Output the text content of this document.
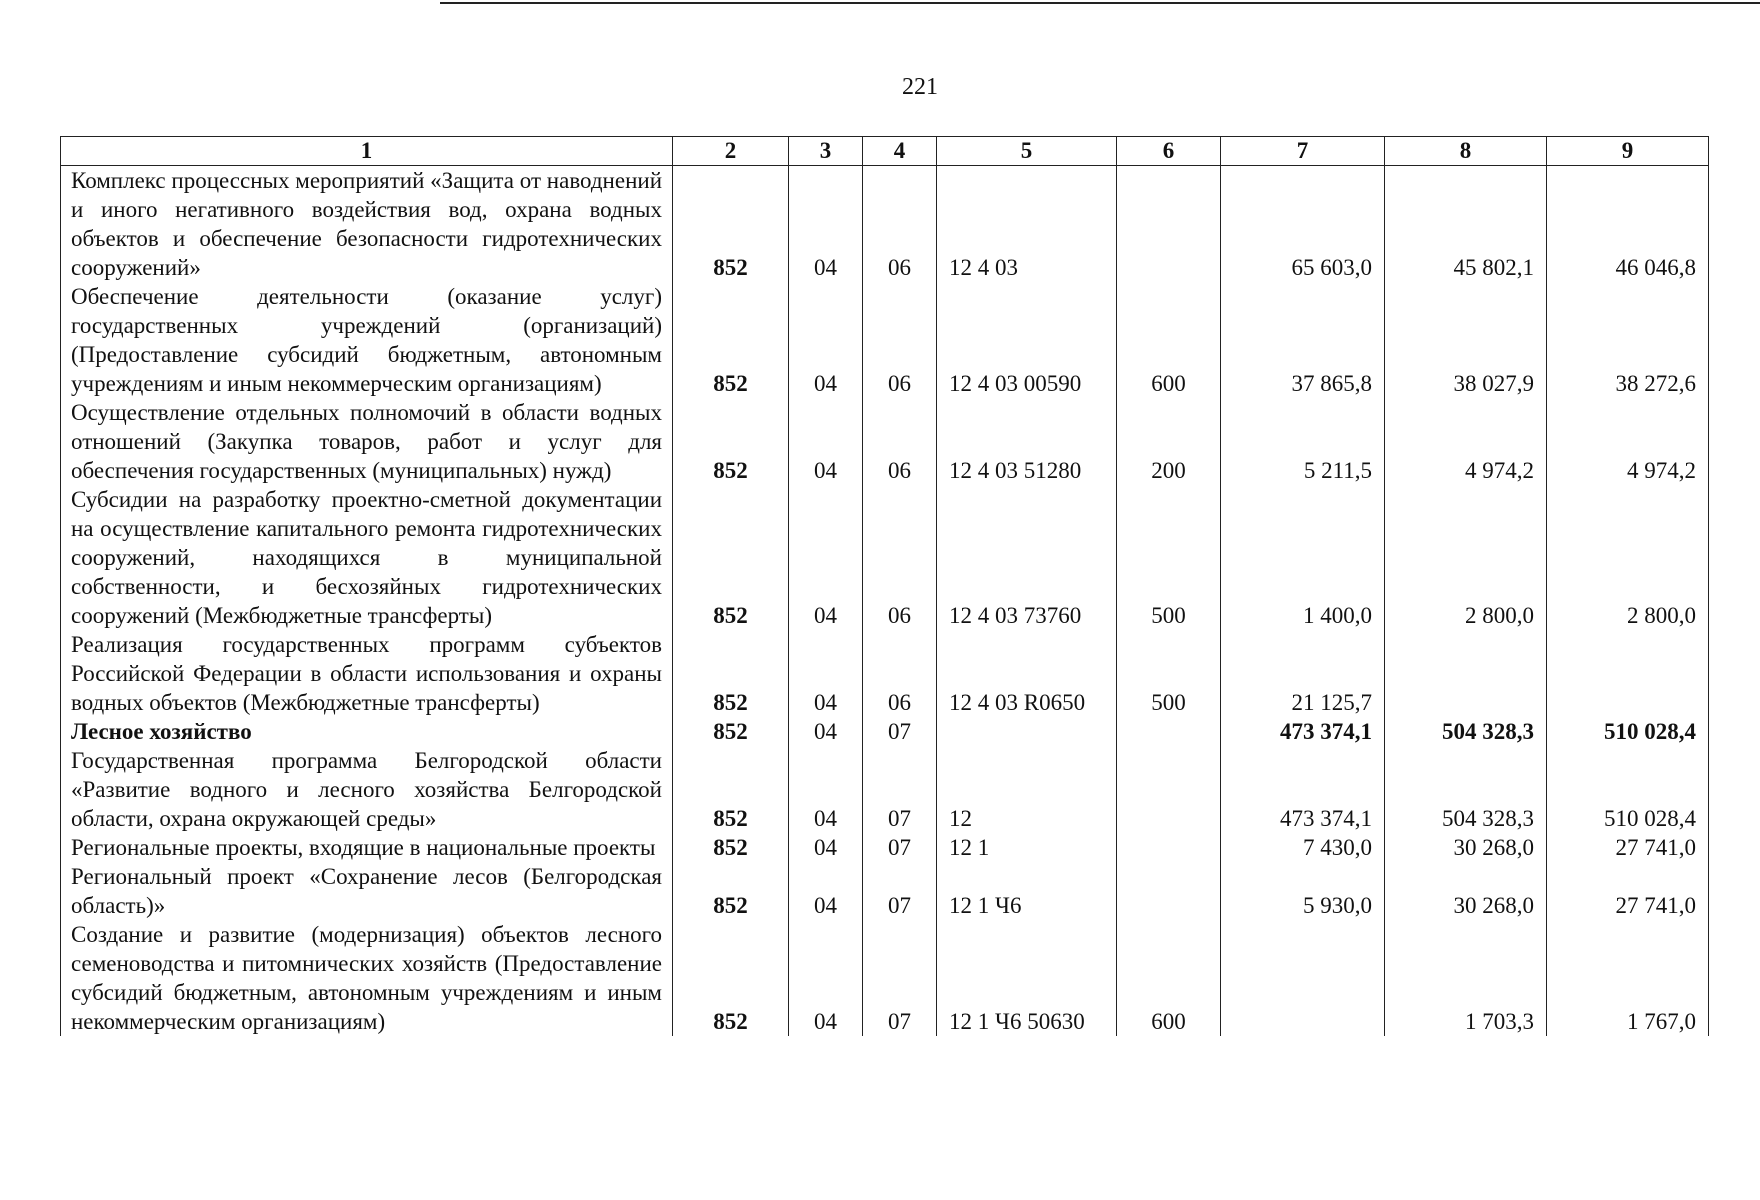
221
1	2	3	4	5	6	7	8	9
Комплекс процессных мероприятий «Защита от наводнений и иного негативного воздействия вод, охрана водных объектов и обеспечение безопасности гидротехнических сооружений»	852	04	06	12 4 03		65 603,0	45 802,1	46 046,8
Обеспечение деятельности (оказание услуг) государственных учреждений (организаций) (Предоставление субсидий бюджетным, автономным учреждениям и иным некоммерческим организациям)	852	04	06	12 4 03 00590	600	37 865,8	38 027,9	38 272,6
Осуществление отдельных полномочий в области водных отношений (Закупка товаров, работ и услуг для обеспечения государственных (муниципальных) нужд)	852	04	06	12 4 03 51280	200	5 211,5	4 974,2	4 974,2
Субсидии на разработку проектно-сметной документации на осуществление капитального ремонта гидротехнических сооружений, находящихся в муниципальной собственности, и бесхозяйных гидротехнических сооружений (Межбюджетные трансферты)	852	04	06	12 4 03 73760	500	1 400,0	2 800,0	2 800,0
Реализация государственных программ субъектов Российской Федерации в области использования и охраны водных объектов (Межбюджетные трансферты)	852	04	06	12 4 03 R0650	500	21 125,7		
Лесное хозяйство	852	04	07			473 374,1	504 328,3	510 028,4
Государственная программа Белгородской области «Развитие водного и лесного хозяйства Белгородской области, охрана окружающей среды»	852	04	07	12		473 374,1	504 328,3	510 028,4
Региональные проекты, входящие в национальные проекты	852	04	07	12 1		7 430,0	30 268,0	27 741,0
Региональный проект «Сохранение лесов (Белгородская область)»	852	04	07	12 1 Ч6		5 930,0	30 268,0	27 741,0
Создание и развитие (модернизация) объектов лесного семеноводства и питомнических хозяйств (Предоставление субсидий бюджетным, автономным учреждениям и иным некоммерческим организациям)	852	04	07	12 1 Ч6 50630	600		1 703,3	1 767,0
